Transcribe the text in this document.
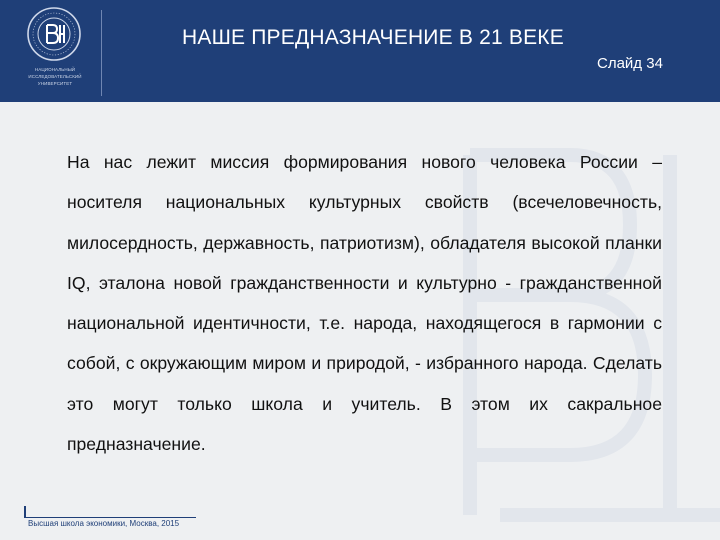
НАЦИОНАЛЬНЫЙ ИССЛЕДОВАТЕЛЬСКИЙ
УНИВЕРСИТЕТ
НАШЕ ПРЕДНАЗНАЧЕНИЕ В 21 ВЕКЕ
Слайд 34
На нас лежит миссия формирования нового человека России – носителя национальных культурных свойств (всечеловечность, милосердность, державность, патриотизм), обладателя высокой планки IQ, эталона новой гражданственности и культурно - гражданственной национальной идентичности, т.е. народа, находящегося в гармонии с собой, с окружающим миром и природой, - избранного народа. Сделать это могут только школа и учитель. В этом их сакральное предназначение.
Высшая школа экономики, Москва, 2015
